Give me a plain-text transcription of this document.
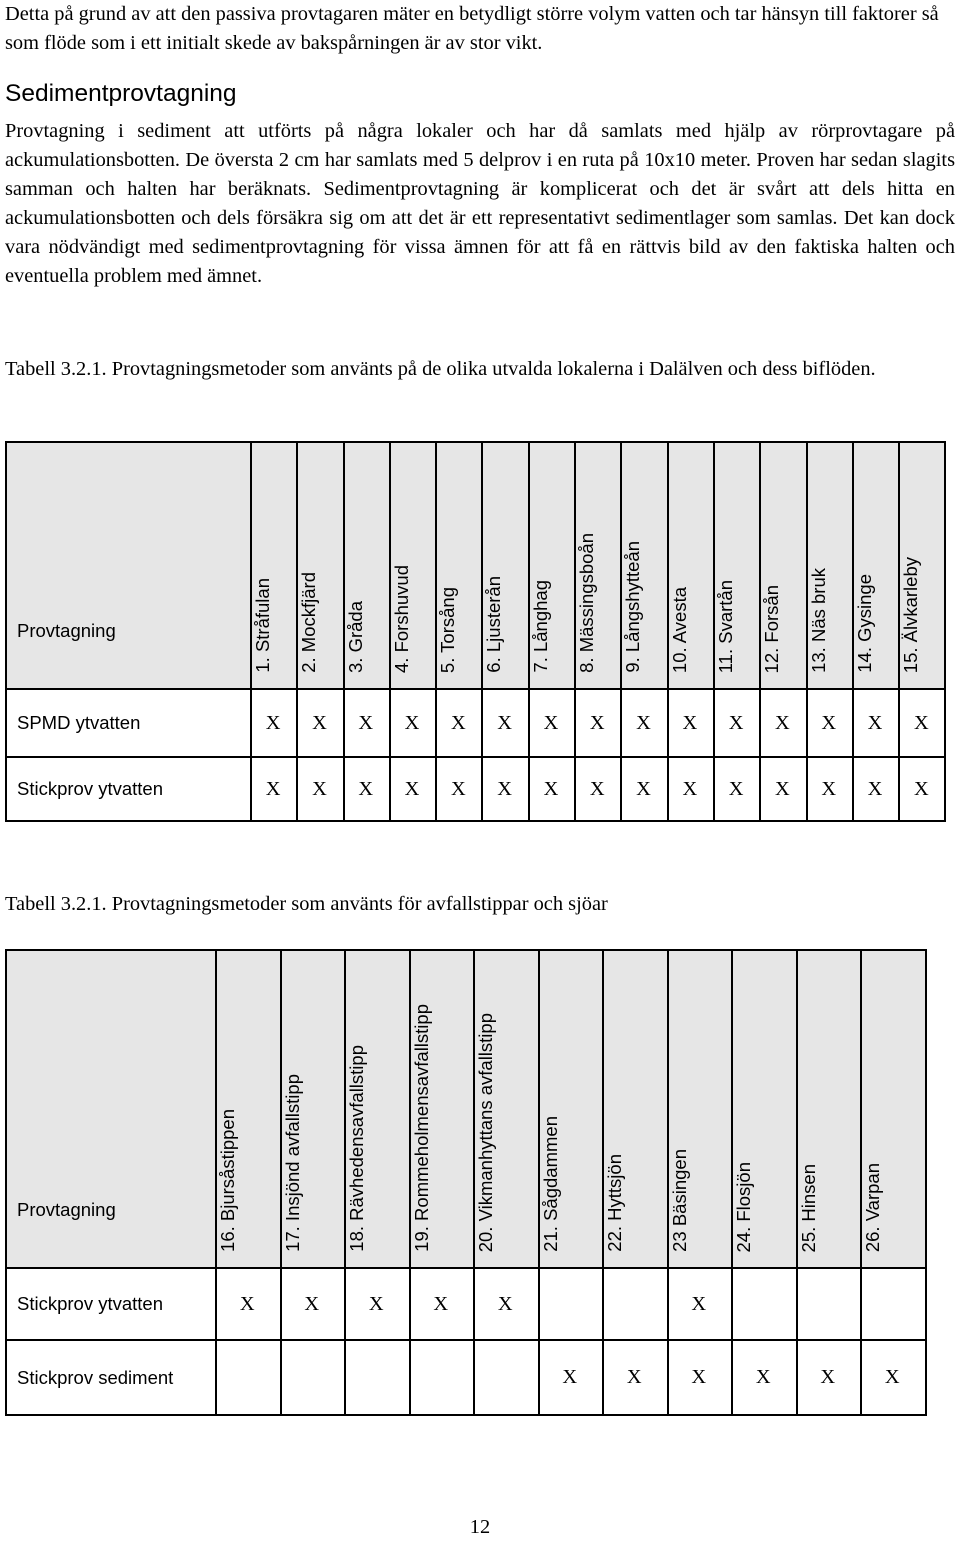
Detta på grund av att den passiva provtagaren mäter en betydligt större volym vatten och tar hänsyn till faktorer så som flöde som i ett initialt skede av bakspårningen är av stor vikt.

Sedimentprovtagning

Provtagning i sediment att utförts på några lokaler och har då samlats med hjälp av rörprovtagare på ackumulationsbotten. De översta 2 cm har samlats med 5 delprov i en ruta på 10x10 meter. Proven har sedan slagits samman och halten har beräknats. Sedimentprovtagning är komplicerat och det är svårt att dels hitta en ackumulationsbotten och dels försäkra sig om att det är ett representativt sedimentlager som samlas. Det kan dock vara nödvändigt med sedimentprovtagning för vissa ämnen för att få en rättvis bild av den faktiska halten och eventuella problem med ämnet.

Tabell 3.2.1. Provtagningsmetoder som använts på de olika utvalda lokalerna i Dalälven och dess biflöden.

Provtagning	1. Stråfulan	2. Mockfjärd	3. Gråda	4. Forshuvud	5. Torsång	6. Ljusterån	7. Långhag	8. Mässingsboån	9. Långshytteån	10. Avesta	11. Svartån	12. Forsån	13. Näs bruk	14. Gysinge	15. Älvkarleby
SPMD ytvatten	X	X	X	X	X	X	X	X	X	X	X	X	X	X	X
Stickprov ytvatten	X	X	X	X	X	X	X	X	X	X	X	X	X	X	X

Tabell 3.2.1. Provtagningsmetoder som använts för avfallstippar och sjöar

Provtagning	16. Bjursåstippen	17. Insjönd avfallstipp	18. Rävhedensavfallstipp	19. Rommeholmensavfallstipp	20. Vikmanhyttans avfallstipp	21. Sågdammen	22. Hyttsjön	23 Bäsingen	24. Flosjön	25. Hinsen	26. Varpan
Stickprov ytvatten	X	X	X	X	X			X			
Stickprov sediment						X	X	X	X	X	X
12
